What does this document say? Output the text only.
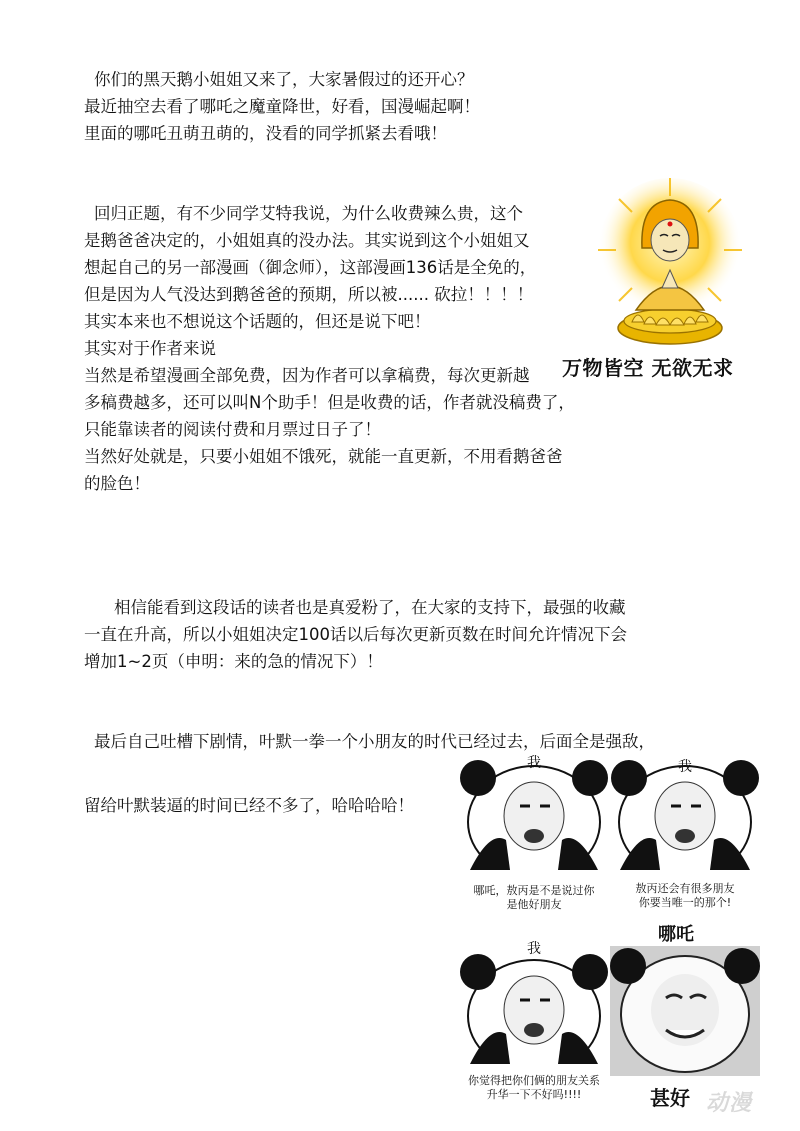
你们的黑天鹅小姐姐又来了，大家暑假过的还开心？
最近抽空去看了哪吒之魔童降世，好看，国漫崛起啊！
里面的哪吒丑萌丑萌的，没看的同学抓紧去看哦！
回归正题，有不少同学艾特我说，为什么收费辣么贵，这个
是鹅爸爸决定的，小姐姐真的没办法。其实说到这个小姐姐又
想起自己的另一部漫画（御念师），这部漫画136话是全免的，
但是因为人气没达到鹅爸爸的预期，所以被...... 砍拉！！！！
其实本来也不想说这个话题的，但还是说下吧！
其实对于作者来说
当然是希望漫画全部免费，因为作者可以拿稿费，每次更新越
多稿费越多，还可以叫N个助手！但是收费的话，作者就没稿费了，
只能靠读者的阅读付费和月票过日子了！
当然好处就是，只要小姐姐不饿死，就能一直更新，不用看鹅爸爸
的脸色！
相信能看到这段话的读者也是真爱粉了，在大家的支持下，最强的收藏
一直在升高，所以小姐姐决定100话以后每次更新页数在时间允许情况下会
增加1~2页（申明：来的急的情况下）！
最后自己吐槽下剧情，叶默一拳一个小朋友的时代已经过去，后面全是强敌，
留给叶默装逼的时间已经不多了，哈哈哈哈！
万物皆空 无欲无求
我
哪吒，敖丙是不是说过你
是他好朋友
我
敖丙还会有很多朋友
你要当唯一的那个!
我
你觉得把你们俩的朋友关系
升华一下不好吗!!!!
哪吒
甚好 动漫
